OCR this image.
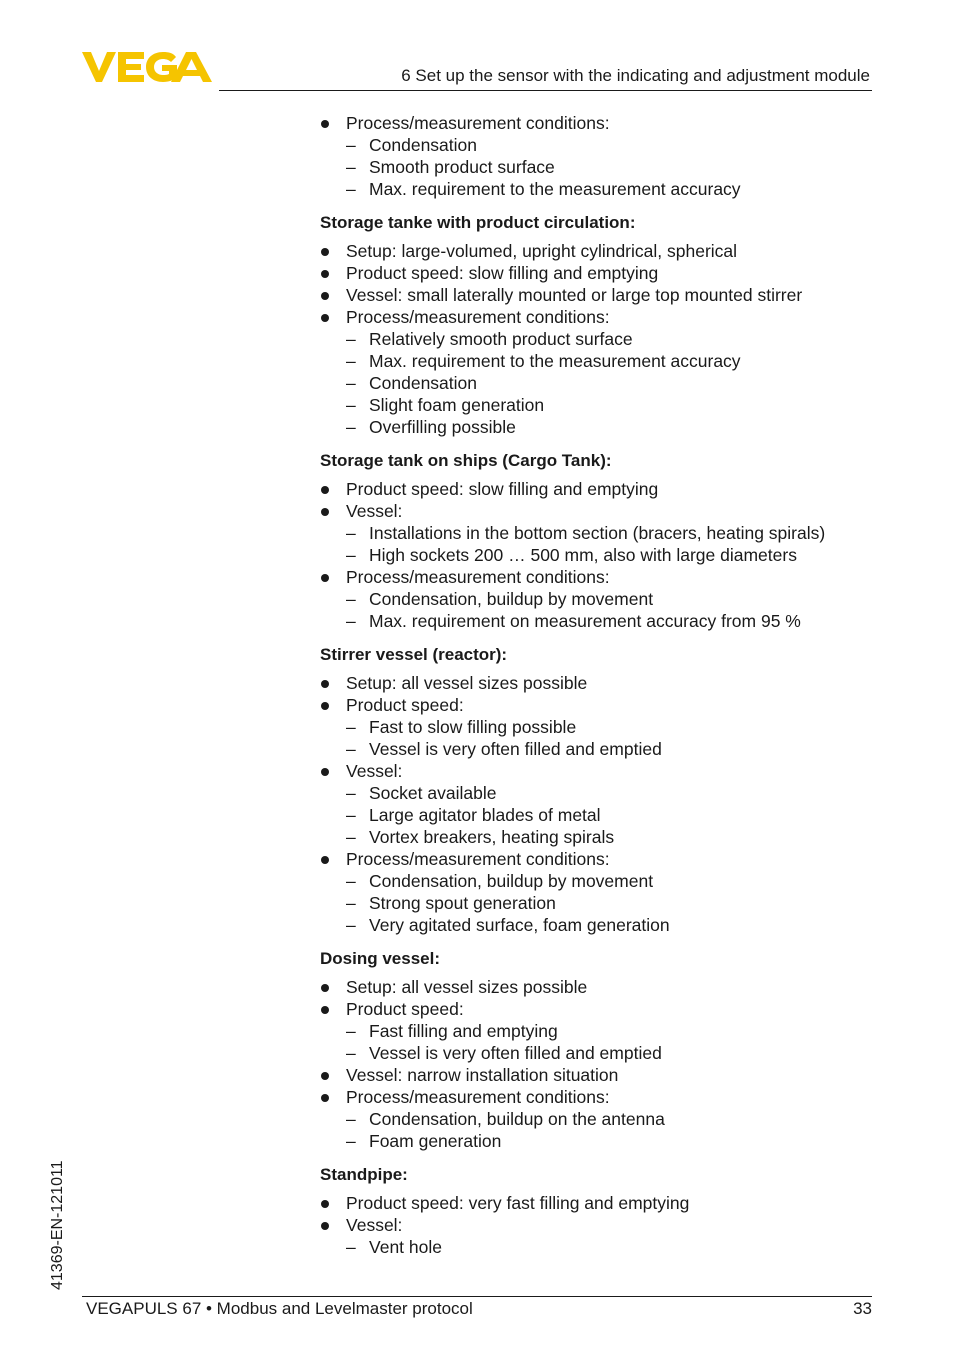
6 Set up the sensor with the indicating and adjustment module
Process/measurement conditions:
– Condensation
– Smooth product surface
– Max. requirement to the measurement accuracy
Storage tanke with product circulation:
Setup: large-volumed, upright cylindrical, spherical
Product speed: slow filling and emptying
Vessel: small laterally mounted or large top mounted stirrer
Process/measurement conditions:
– Relatively smooth product surface
– Max. requirement to the measurement accuracy
– Condensation
– Slight foam generation
– Overfilling possible
Storage tank on ships (Cargo Tank):
Product speed: slow filling and emptying
Vessel:
– Installations in the bottom section (bracers, heating spirals)
– High sockets 200 … 500 mm, also with large diameters
Process/measurement conditions:
– Condensation, buildup by movement
– Max. requirement on measurement accuracy from 95 %
Stirrer vessel (reactor):
Setup: all vessel sizes possible
Product speed:
– Fast to slow filling possible
– Vessel is very often filled and emptied
Vessel:
– Socket available
– Large agitator blades of metal
– Vortex breakers, heating spirals
Process/measurement conditions:
– Condensation, buildup by movement
– Strong spout generation
– Very agitated surface, foam generation
Dosing vessel:
Setup: all vessel sizes possible
Product speed:
– Fast filling and emptying
– Vessel is very often filled and emptied
Vessel: narrow installation situation
Process/measurement conditions:
– Condensation, buildup on the antenna
– Foam generation
Standpipe:
Product speed: very fast filling and emptying
Vessel:
– Vent hole
41369-EN-121011
VEGAPULS 67 • Modbus and Levelmaster protocol	33
